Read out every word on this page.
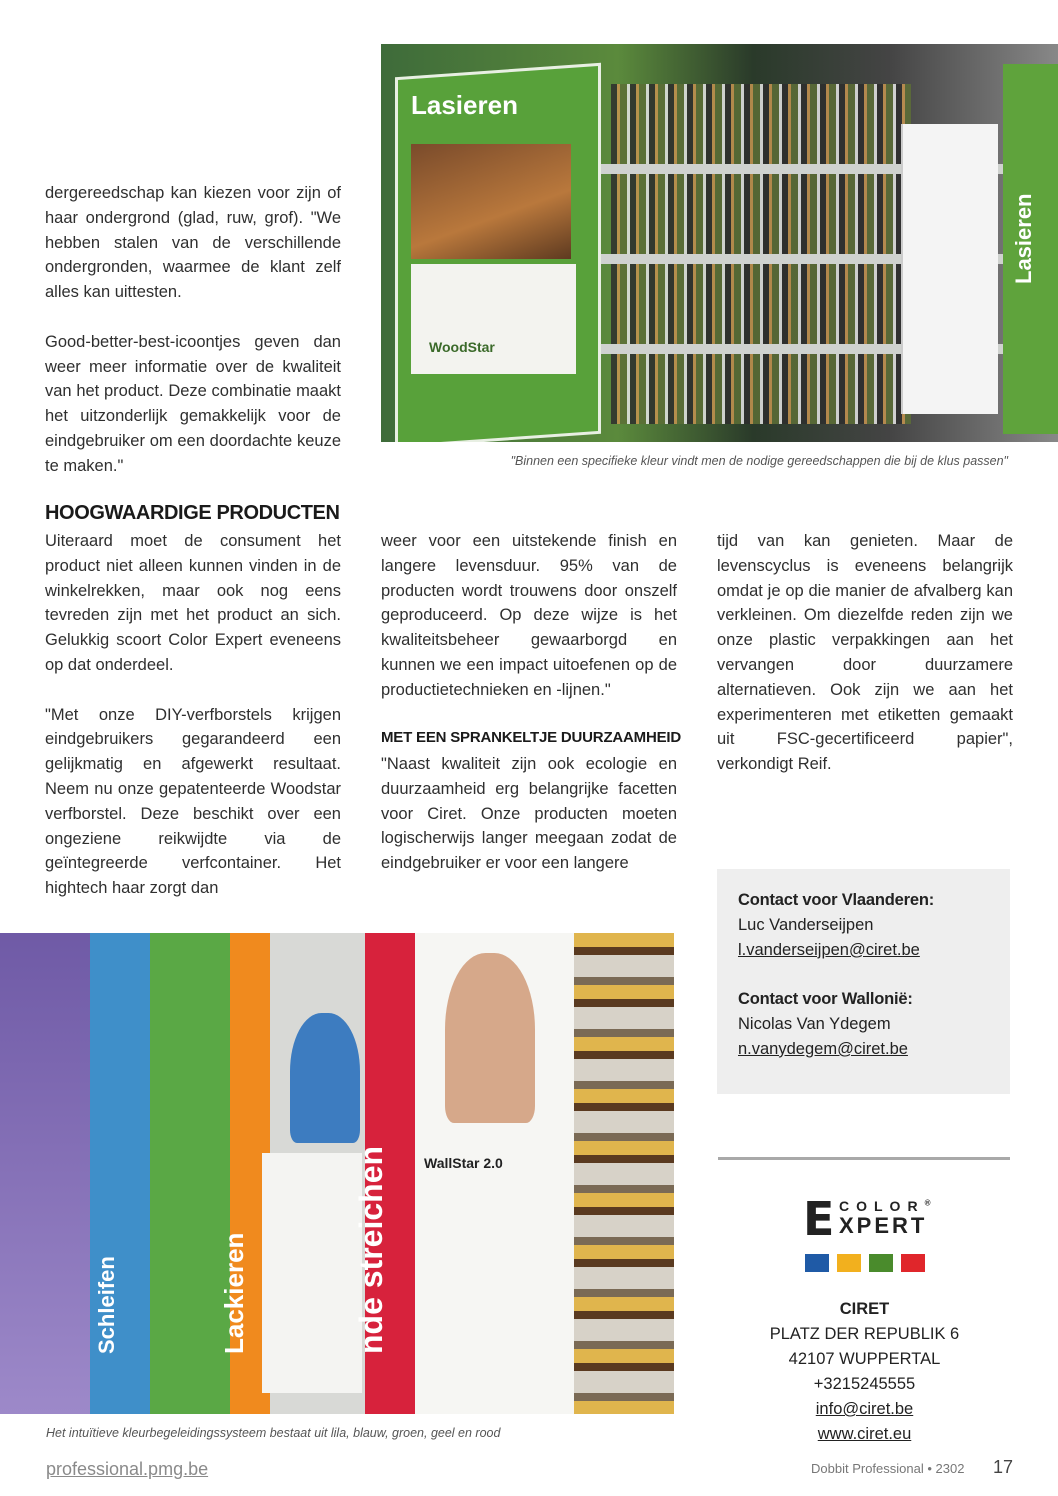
dergereedschap kan kiezen voor zijn of haar ondergrond (glad, ruw, grof). "We hebben stalen van de verschillende ondergronden, waarmee de klant zelf alles kan uittesten.

Good-better-best-icoontjes geven dan weer meer informatie over de kwaliteit van het product. Deze combinatie maakt het uitzonderlijk gemakkelijk voor de eindgebruiker om een doordachte keuze te maken."

Lasieren
WoodStar
Lasieren
"Binnen een specifieke kleur vindt men de nodige gereedschappen die bij de klus passen"
HOOGWAARDIGE PRODUCTEN

Uiteraard moet de consument het product niet alleen kunnen vinden in de winkelrekken, maar ook nog eens tevreden zijn met het product an sich. Gelukkig scoort Color Expert eveneens op dat onderdeel.

"Met onze DIY-verfborstels krijgen eindgebruikers gegarandeerd een gelijkmatig en afgewerkt resultaat. Neem nu onze gepatenteerde Woodstar verfborstel. Deze beschikt over een ongeziene reikwijdte via de geïntegreerde verfcontainer. Het hightech haar zorgt dan

weer voor een uitstekende finish en langere levensduur. 95% van de producten wordt trouwens door onszelf geproduceerd. Op deze wijze is het kwaliteitsbeheer gewaarborgd en kunnen we een impact uitoefenen op de productietechnieken en -lijnen."

MET EEN SPRANKELTJE DUURZAAMHEID

"Naast kwaliteit zijn ook ecologie en duurzaamheid erg belangrijke facetten voor Ciret. Onze producten moeten logischerwijs langer meegaan zodat de eindgebruiker er voor een langere

tijd van kan genieten. Maar de levenscyclus is eveneens belangrijk omdat je op die manier de afvalberg kan verkleinen. Om diezelfde reden zijn we onze plastic verpakkingen aan het vervangen door duurzamere alternatieven. Ook zijn we aan het experimenteren met etiketten gemaakt uit FSC-gecertificeerd papier", verkondigt Reif.

Contact voor Vlaanderen:
Luc Vanderseijpen
l.vanderseijpen@ciret.be
Contact voor Wallonië:
Nicolas Van Ydegem
n.vanydegem@ciret.be
Schleifen	Lackieren	nde streichen	WallStar 2.0
Het intuïtieve kleurbegeleidingssysteem bestaat uit lila, blauw, groen, geel en rood
E COLOR®
XPERT
CIRET
PLATZ DER REPUBLIK 6
42107 WUPPERTAL
+3215245555
info@ciret.be
www.ciret.eu
professional.pmg.be	Dobbit Professional • 2302 17
